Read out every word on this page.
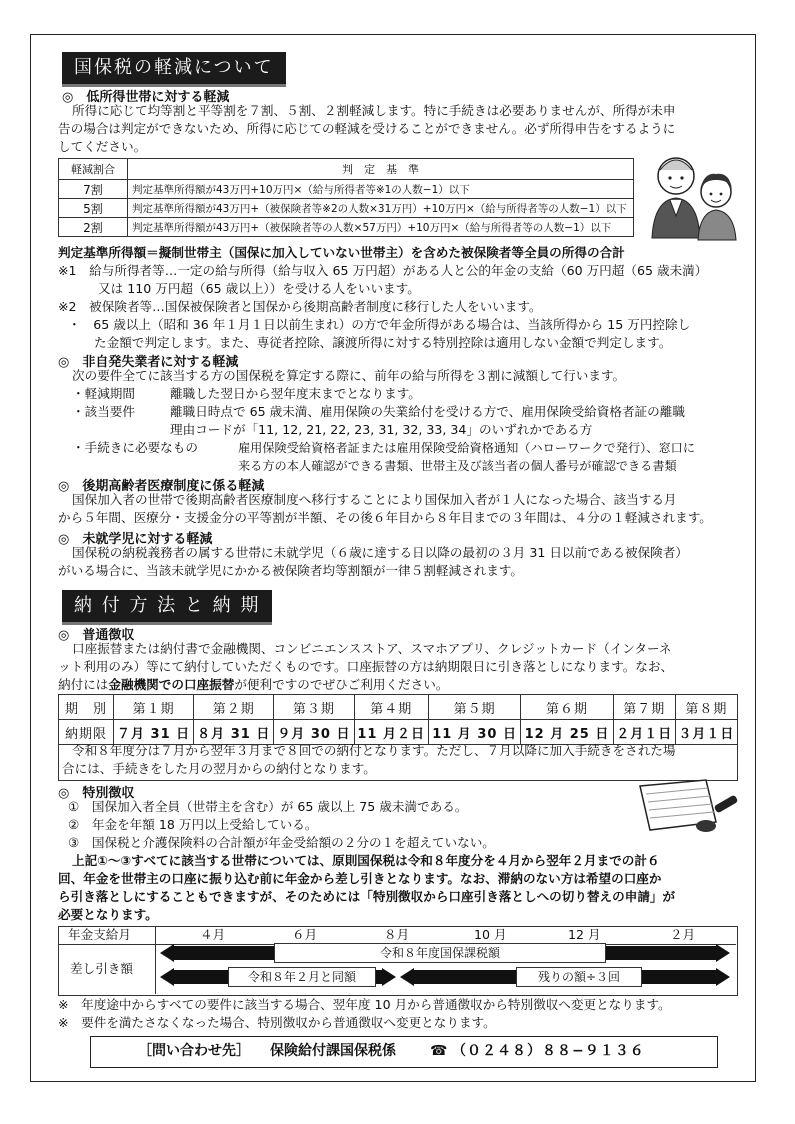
国保税の軽減について
◎　低所得世帯に対する軽減
所得に応じて均等割と平等割を７割、５割、２割軽減します。特に手続きは必要ありませんが、所得が未申
告の場合は判定ができないため、所得に応じての軽減を受けることができません。必ず所得申告をするように
してください。
軽減割合	判　定　基　準
7割	判定基準所得額が43万円+10万円×（給与所得者等※1の人数−1）以下
5割	判定基準所得額が43万円+（被保険者等※2の人数×31万円）+10万円×（給与所得者等の人数−1）以下
2割	判定基準所得額が43万円+（被保険者等の人数×57万円）+10万円×（給与所得者等の人数−1）以下
判定基準所得額＝擬制世帯主（国保に加入していない世帯主）を含めた被保険者等全員の所得の合計
※1　給与所得者等…一定の給与所得（給与収入 65 万円超）がある人と公的年金の支給（60 万円超（65 歳未満）
又は 110 万円超（65 歳以上））を受ける人をいいます。
※2　被保険者等…国保被保険者と国保から後期高齢者制度に移行した人をいいます。
・　65 歳以上（昭和 36 年１月１日以前生まれ）の方で年金所得がある場合は、当該所得から 15 万円控除し
た金額で判定します。また、専従者控除、譲渡所得に対する特別控除は適用しない金額で判定します。
◎　非自発失業者に対する軽減
次の要件全てに該当する方の国保税を算定する際に、前年の給与所得を３割に減額して行います。
・軽減期間	離職した翌日から翌年度末までとなります。
・該当要件	離職日時点で 65 歳未満、雇用保険の失業給付を受ける方で、雇用保険受給資格者証の離職
理由コードが「11, 12, 21, 22, 23, 31, 32, 33, 34」のいずれかである方
・手続きに必要なもの	雇用保険受給資格者証または雇用保険受給資格通知（ハローワークで発行）、窓口に
来る方の本人確認ができる書類、世帯主及び該当者の個人番号が確認できる書類
◎　後期高齢者医療制度に係る軽減
国保加入者の世帯で後期高齢者医療制度へ移行することにより国保加入者が１人になった場合、該当する月
から５年間、医療分・支援金分の平等割が半額、その後６年目から８年目までの３年間は、４分の１軽減されます。
◎　未就学児に対する軽減
国保税の納税義務者の属する世帯に未就学児（６歳に達する日以降の最初の３月 31 日以前である被保険者）
がいる場合に、当該未就学児にかかる被保険者均等割額が一律５割軽減されます。
納 付 方 法 と 納 期
◎　普通徴収
口座振替または納付書で金融機関、コンビニエンスストア、スマホアプリ、クレジットカード（インターネ
ット利用のみ）等にて納付していただくものです。口座振替の方は納期限日に引き落としになります。なお、
納付には金融機関での口座振替が便利ですのでぜひご利用ください。
期　別	第１期	第２期	第３期	第４期	第５期	第６期	第７期	第８期
納期限	７月 31 日	８月 31 日	９月 30 日	11 月２日	11 月 30 日	12 月 25 日	２月１日	３月１日
令和８年度分は７月から翌年３月まで８回での納付となります。ただし、７月以降に加入手続きをされた場
合には、手続きをした月の翌月からの納付となります。
◎　特別徴収
①　国保加入者全員（世帯主を含む）が 65 歳以上 75 歳未満である。
②　年金を年額 18 万円以上受給している。
③　国保税と介護保険料の合計額が年金受給額の２分の１を超えていない。
上記①～③すべてに該当する世帯については、原則国保税は令和８年度分を４月から翌年２月までの計６
回、年金を世帯主の口座に振り込む前に年金から差し引きとなります。なお、滞納のない方は希望の口座か
ら引き落としにすることもできますが、そのためには「特別徴収から口座引き落としへの切り替えの申請」が
必要となります。
年金支給月	４月	６月	８月	10 月	12 月	２月
差し引き額
令和８年度国保課税額
令和８年２月と同額	残りの額÷３回
※　年度途中からすべての要件に該当する場合、翌年度 10 月から普通徴収から特別徴収へ変更となります。
※　要件を満たさなくなった場合、特別徴収から普通徴収へ変更となります。
［問い合わせ先］ 保険給付課国保税係 ☎ （０２４８）８８−９１３６
